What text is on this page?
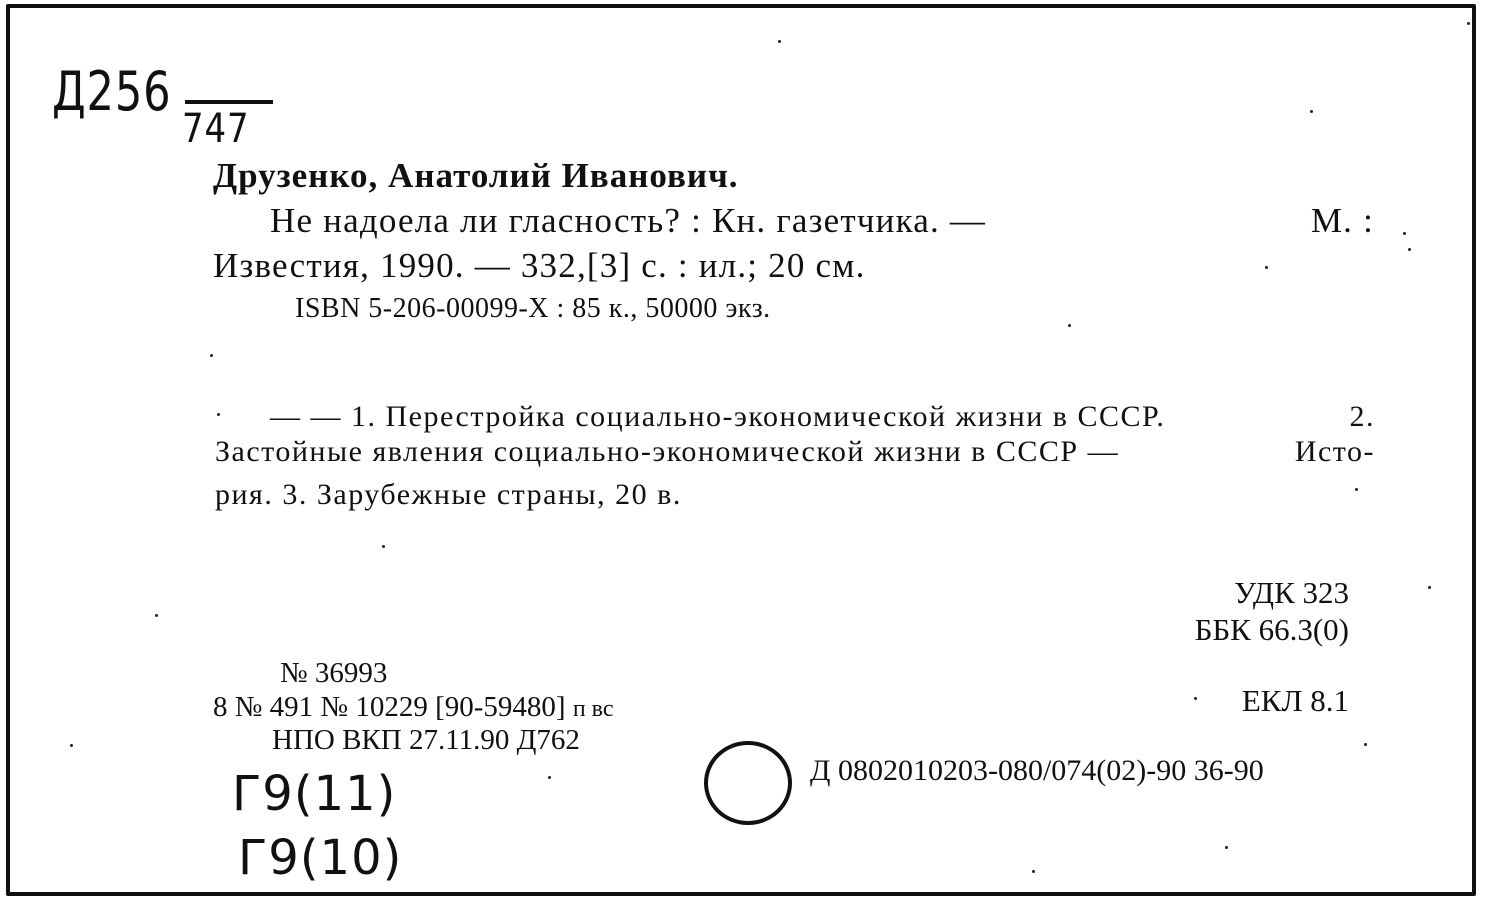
Д256
747
Друзенко, Анатолий Иванович.
Не надоела ли гласность? : Кн. газетчика. —	М. :
Известия, 1990. — 332,[3] с. : ил.; 20 см.
ISBN 5-206-00099-X : 85 к., 50000 экз.
— — 1. Перестройка социально-экономической жизни в СССР.	2.
Застойные явления социально-экономической жизни в СССР —	Исто-
рия. 3. Зарубежные страны, 20 в.
УДК 323
ББК 66.3(0)
ЕКЛ 8.1
№ 36993
8 № 491 № 10229 [90-59480] п вс
НПО ВКП 27.11.90 Д762
Д 0802010203-080/074(02)-90 36-90
Г9(11)
Г9(10)
